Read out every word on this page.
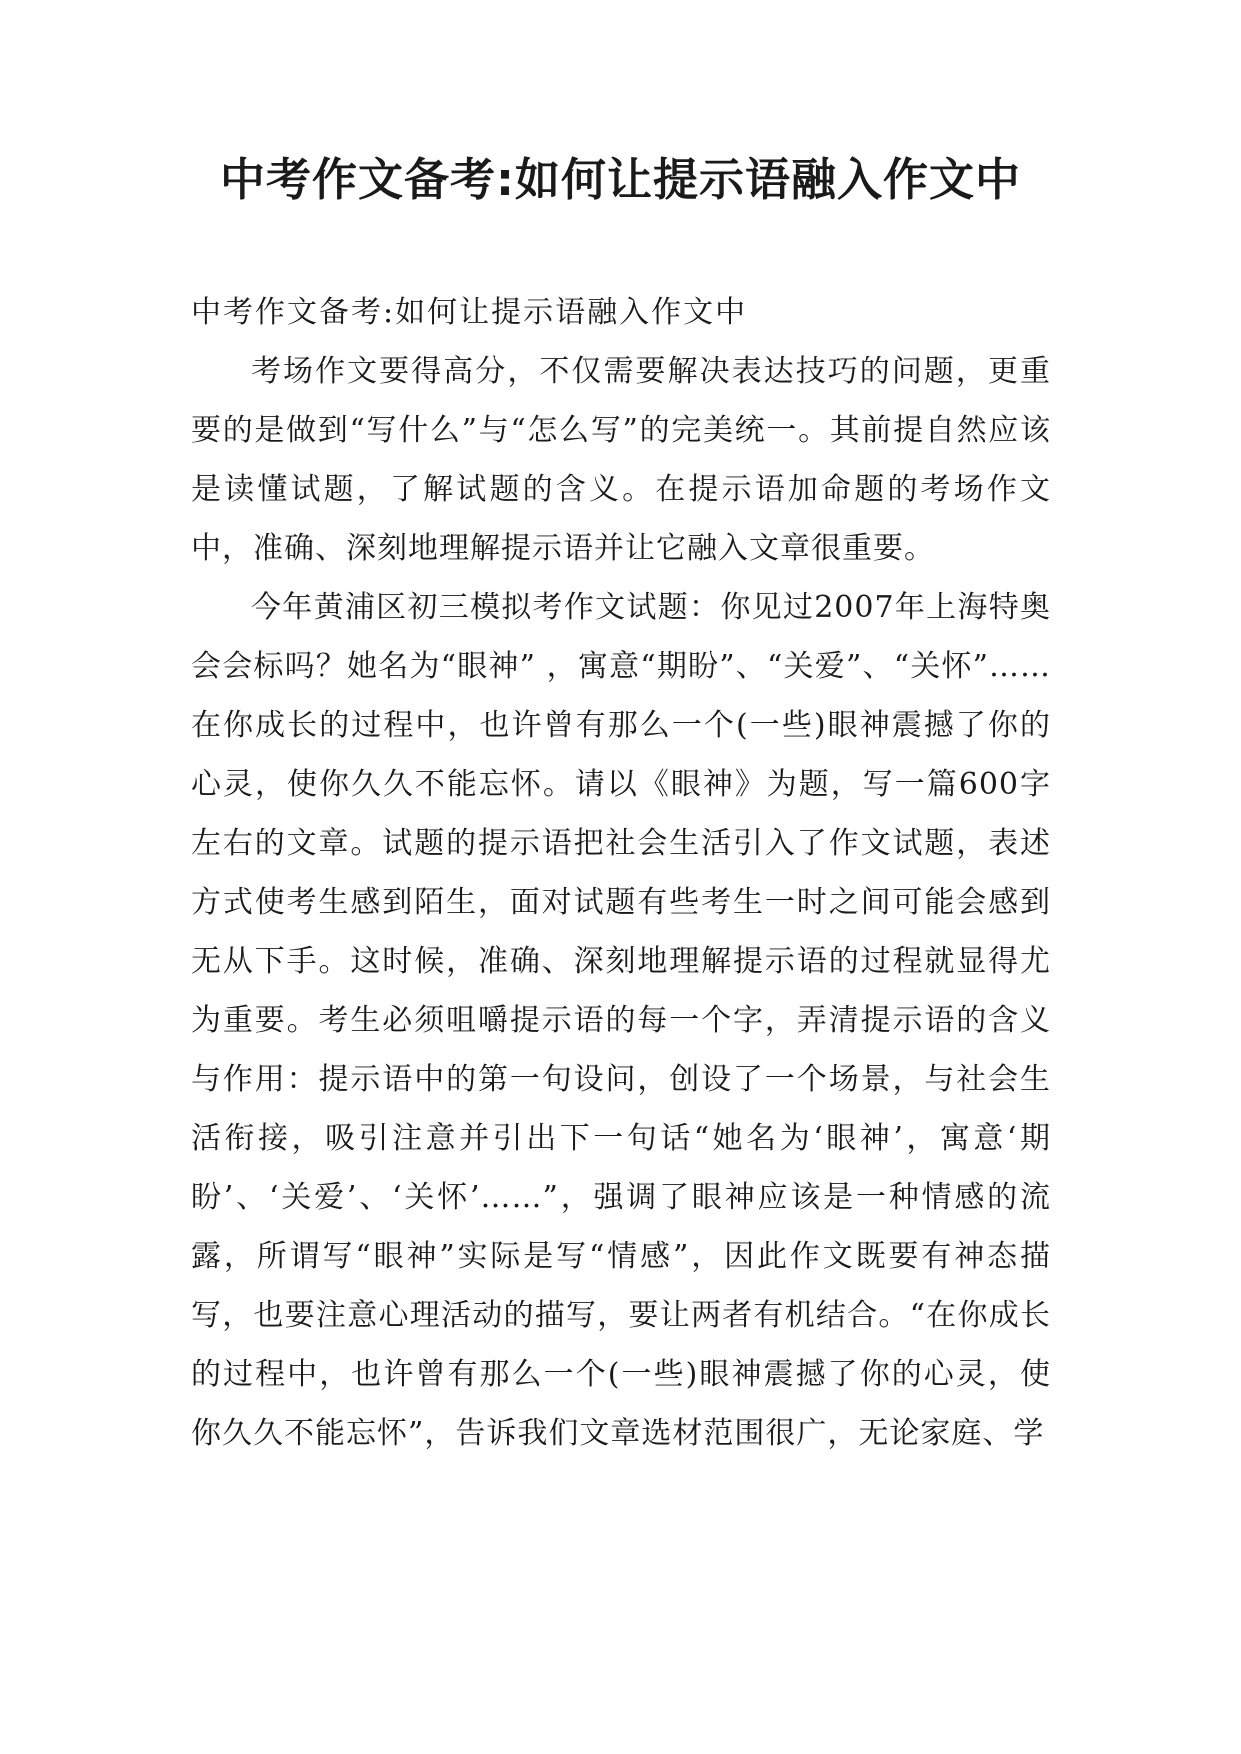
中考作文备考:如何让提示语融入作文中

中考作文备考:如何让提示语融入作文中

考场作文要得高分，不仅需要解决表达技巧的问题，更重要的是做到“写什么”与“怎么写”的完美统一。其前提自然应该是读懂试题，了解试题的含义。在提示语加命题的考场作文中，准确、深刻地理解提示语并让它融入文章很重要。

今年黄浦区初三模拟考作文试题：你见过2007年上海特奥会会标吗？她名为“眼神” ，寓意“期盼”、“关爱”、“关怀”……在你成长的过程中，也许曾有那么一个(一些)眼神震撼了你的心灵，使你久久不能忘怀。请以《眼神》为题，写一篇600字左右的文章。试题的提示语把社会生活引入了作文试题，表述方式使考生感到陌生，面对试题有些考生一时之间可能会感到无从下手。这时候，准确、深刻地理解提示语的过程就显得尤为重要。考生必须咀嚼提示语的每一个字，弄清提示语的含义与作用：提示语中的第一句设问，创设了一个场景，与社会生活衔接，吸引注意并引出下一句话“她名为‘眼神’，寓意‘期盼’、‘关爱’、‘关怀’……”，强调了眼神应该是一种情感的流露，所谓写“眼神”实际是写“情感”，因此作文既要有神态描写，也要注意心理活动的描写，要让两者有机结合。“在你成长的过程中，也许曾有那么一个(一些)眼神震撼了你的心灵，使你久久不能忘怀”，告诉我们文章选材范围很广，无论家庭、学
